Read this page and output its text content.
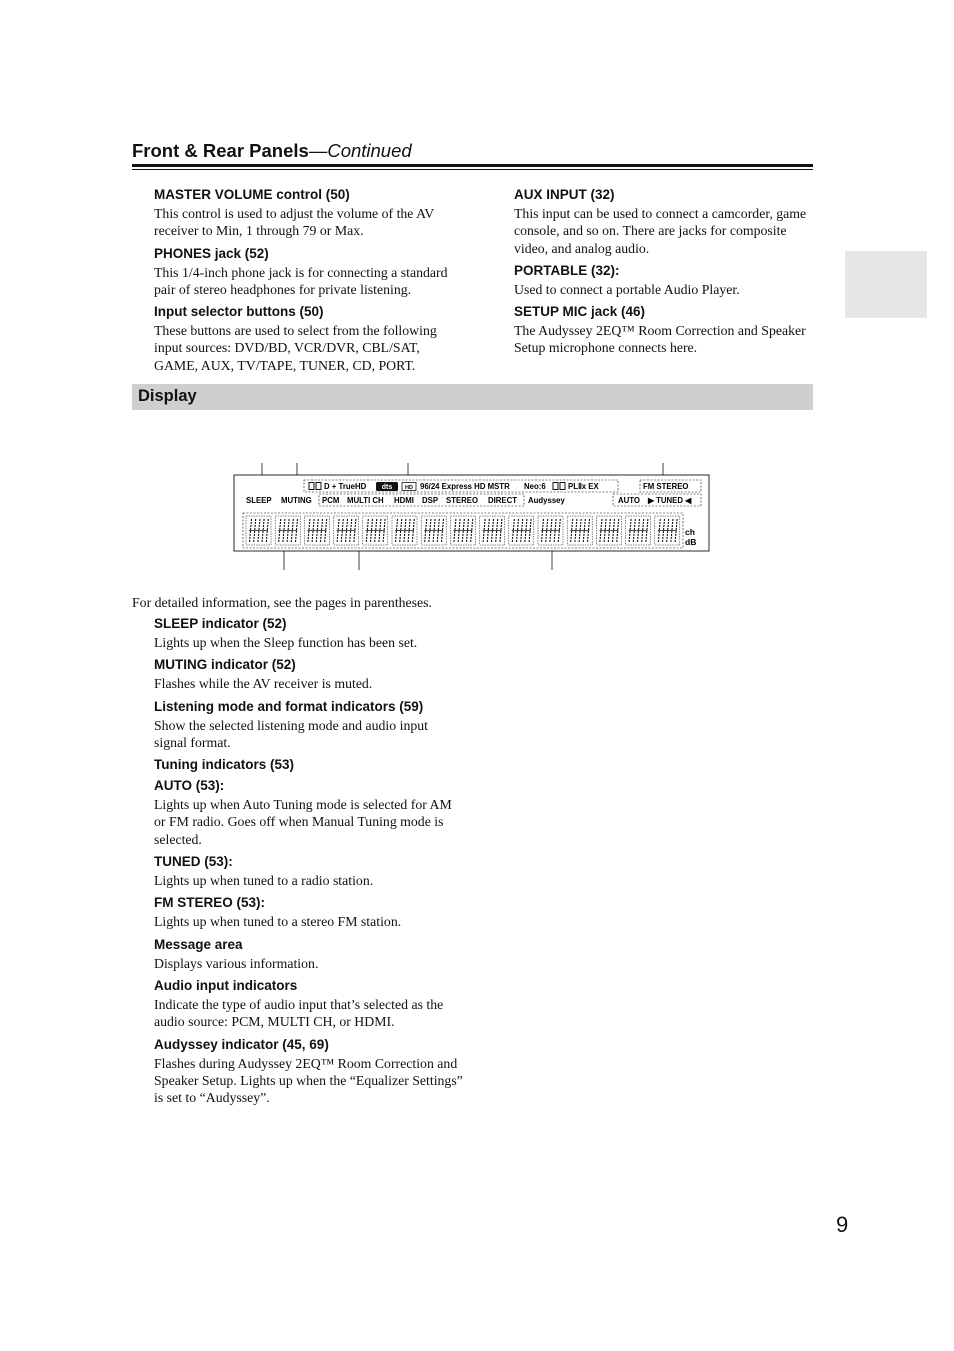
Front & Rear Panels—Continued
MASTER VOLUME control (50)

This control is used to adjust the volume of the AV receiver to Min, 1 through 79 or Max.

PHONES jack (52)

This 1/4-inch phone jack is for connecting a standard pair of stereo headphones for private listening.

Input selector buttons (50)

These buttons are used to select from the following input sources: DVD/BD, VCR/DVR, CBL/SAT, GAME, AUX, TV/TAPE, TUNER, CD, PORT.

AUX INPUT (32)

This input can be used to connect a camcorder, game console, and so on. There are jacks for composite video, and analog audio.

PORTABLE (32):

Used to connect a portable Audio Player.

SETUP MIC jack (46)

The Audyssey 2EQ™ Room Correction and Speaker Setup microphone connects here.

Display
D + TrueHD dts HD 96/24 Express HD MSTR Neo:6	PLⅡx EX	FM STEREO
SLEEP MUTING PCM MULTI CH HDMI DSP STEREO DIRECT Audyssey	AUTO ▶ TUNED ◀
ch
dB
For detailed information, see the pages in parentheses.
SLEEP indicator (52)

Lights up when the Sleep function has been set.

MUTING indicator (52)

Flashes while the AV receiver is muted.

Listening mode and format indicators (59)

Show the selected listening mode and audio input signal format.

Tuning indicators (53)
AUTO (53):

Lights up when Auto Tuning mode is selected for AM or FM radio. Goes off when Manual Tuning mode is selected.

TUNED (53):

Lights up when tuned to a radio station.

FM STEREO (53):

Lights up when tuned to a stereo FM station.

Message area

Displays various information.

Audio input indicators

Indicate the type of audio input that’s selected as the audio source: PCM, MULTI CH, or HDMI.

Audyssey indicator (45, 69)

Flashes during Audyssey 2EQ™ Room Correction and Speaker Setup. Lights up when the “Equalizer Settings” is set to “Audyssey”.

9
